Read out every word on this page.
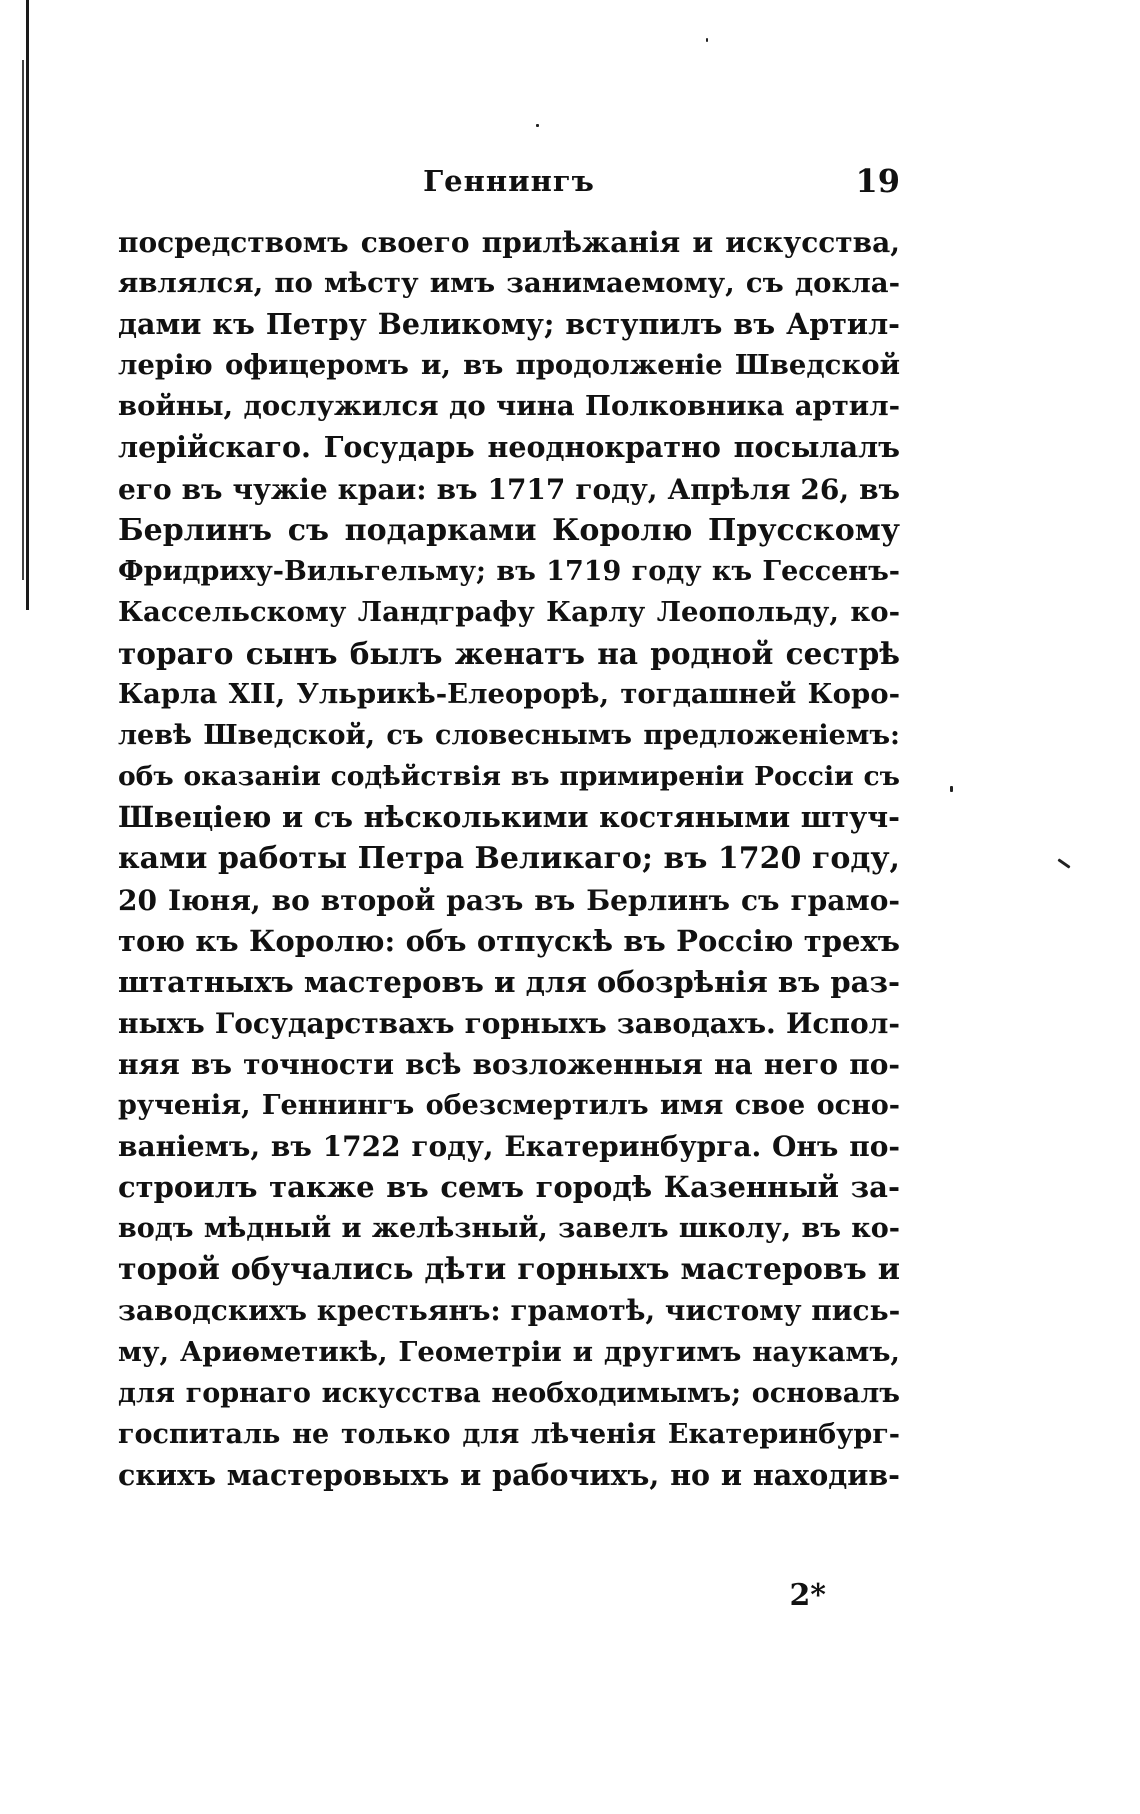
Геннингъ	19
посредствомъ своего прилѣжанія и искусства,
являлся, по мѣсту имъ занимаемому, съ докла-
дами къ Петру Великому; вступилъ въ Артил-
лерію офицеромъ и, въ продолженіе Шведской
войны, дослужился до чина Полковника артил-
лерійскаго. Государь неоднократно посылалъ
его въ чужіе краи: въ 1717 году, Апрѣля 26, въ
Берлинъ съ подарками Королю Прусскому
Фридриху-Вильгельму; въ 1719 году къ Гессенъ-
Кассельскому Ландграфу Карлу Леопольду, ко-
тораго сынъ былъ женатъ на родной сестрѣ
Карла XII, Ульрикѣ-Елеорорѣ, тогдашней Коро-
левѣ Шведской, съ словеснымъ предложеніемъ:
объ оказаніи содѣйствія въ примиреніи Россіи съ
Швеціею и съ нѣсколькими костяными штуч-
ками работы Петра Великаго; въ 1720 году,
20 Іюня, во второй разъ въ Берлинъ съ грамо-
тою къ Королю: объ отпускѣ въ Россію трехъ
штатныхъ мастеровъ и для обозрѣнія въ раз-
ныхъ Государствахъ горныхъ заводахъ. Испол-
няя въ точности всѣ возложенныя на него по-
рученія, Геннингъ обезсмертилъ имя свое осно-
ваніемъ, въ 1722 году, Екатеринбурга. Онъ по-
строилъ также въ семъ городѣ Казенный за-
водъ мѣдный и желѣзный, завелъ школу, въ ко-
торой обучались дѣти горныхъ мастеровъ и
заводскихъ крестьянъ: грамотѣ, чистому пись-
му, Ариѳметикѣ, Геометріи и другимъ наукамъ,
для горнаго искусства необходимымъ; основалъ
госпиталь не только для лѣченія Екатеринбург-
скихъ мастеровыхъ и рабочихъ, но и находив-
2*
